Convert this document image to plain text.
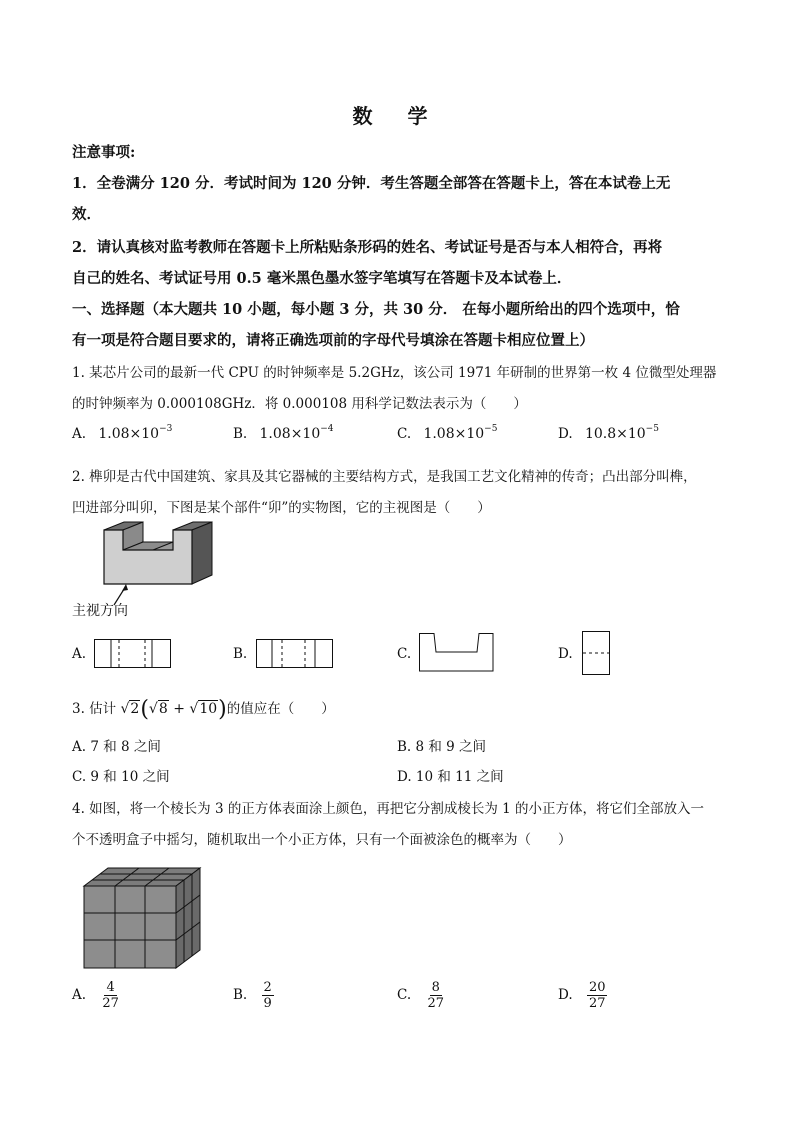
数 学
注意事项:
1．全卷满分 120 分．考试时间为 120 分钟．考生答题全部答在答题卡上，答在本试卷上无
效．
2．请认真核对监考教师在答题卡上所粘贴条形码的姓名、考试证号是否与本人相符合，再将
自己的姓名、考试证号用 0.5 毫米黑色墨水签字笔填写在答题卡及本试卷上．
一、选择题（本大题共 10 小题，每小题 3 分，共 30 分． 在每小题所给出的四个选项中，恰
有一项是符合题目要求的，请将正确选项前的字母代号填涂在答题卡相应位置上）
1. 某芯片公司的最新一代 CPU 的时钟频率是 5.2GHz，该公司 1971 年研制的世界第一枚 4 位微型处理器
的时钟频率为 0.000108GHz．将 0.000108 用科学记数法表示为（　　）
A. $1.08\times 10^{-3}$	B. $1.08\times 10^{-4}$	C. $1.08\times 10^{-5}$	D. $10.8\times 10^{-5}$
2. 榫卯是古代中国建筑、家具及其它器械的主要结构方式，是我国工艺文化精神的传奇；凸出部分叫榫，
凹进部分叫卯，下图是某个部件“卯”的实物图，它的主视图是（　　）
主视方向
A.	B.	C.	D.
3. 估计 √2(√8 + √10)的值应在（　　）
A. 7 和 8 之间	B. 8 和 9 之间
C. 9 和 10 之间	D. 10 和 11 之间
4. 如图，将一个棱长为 3 的正方体表面涂上颜色，再把它分割成棱长为 1 的小正方体，将它们全部放入一
个不透明盒子中摇匀，随机取出一个小正方体，只有一个面被涂色的概率为（　　）
A. $\frac{4}{27}$	B. $\frac{2}{9}$	C. $\frac{8}{27}$	D. $\frac{20}{27}$
